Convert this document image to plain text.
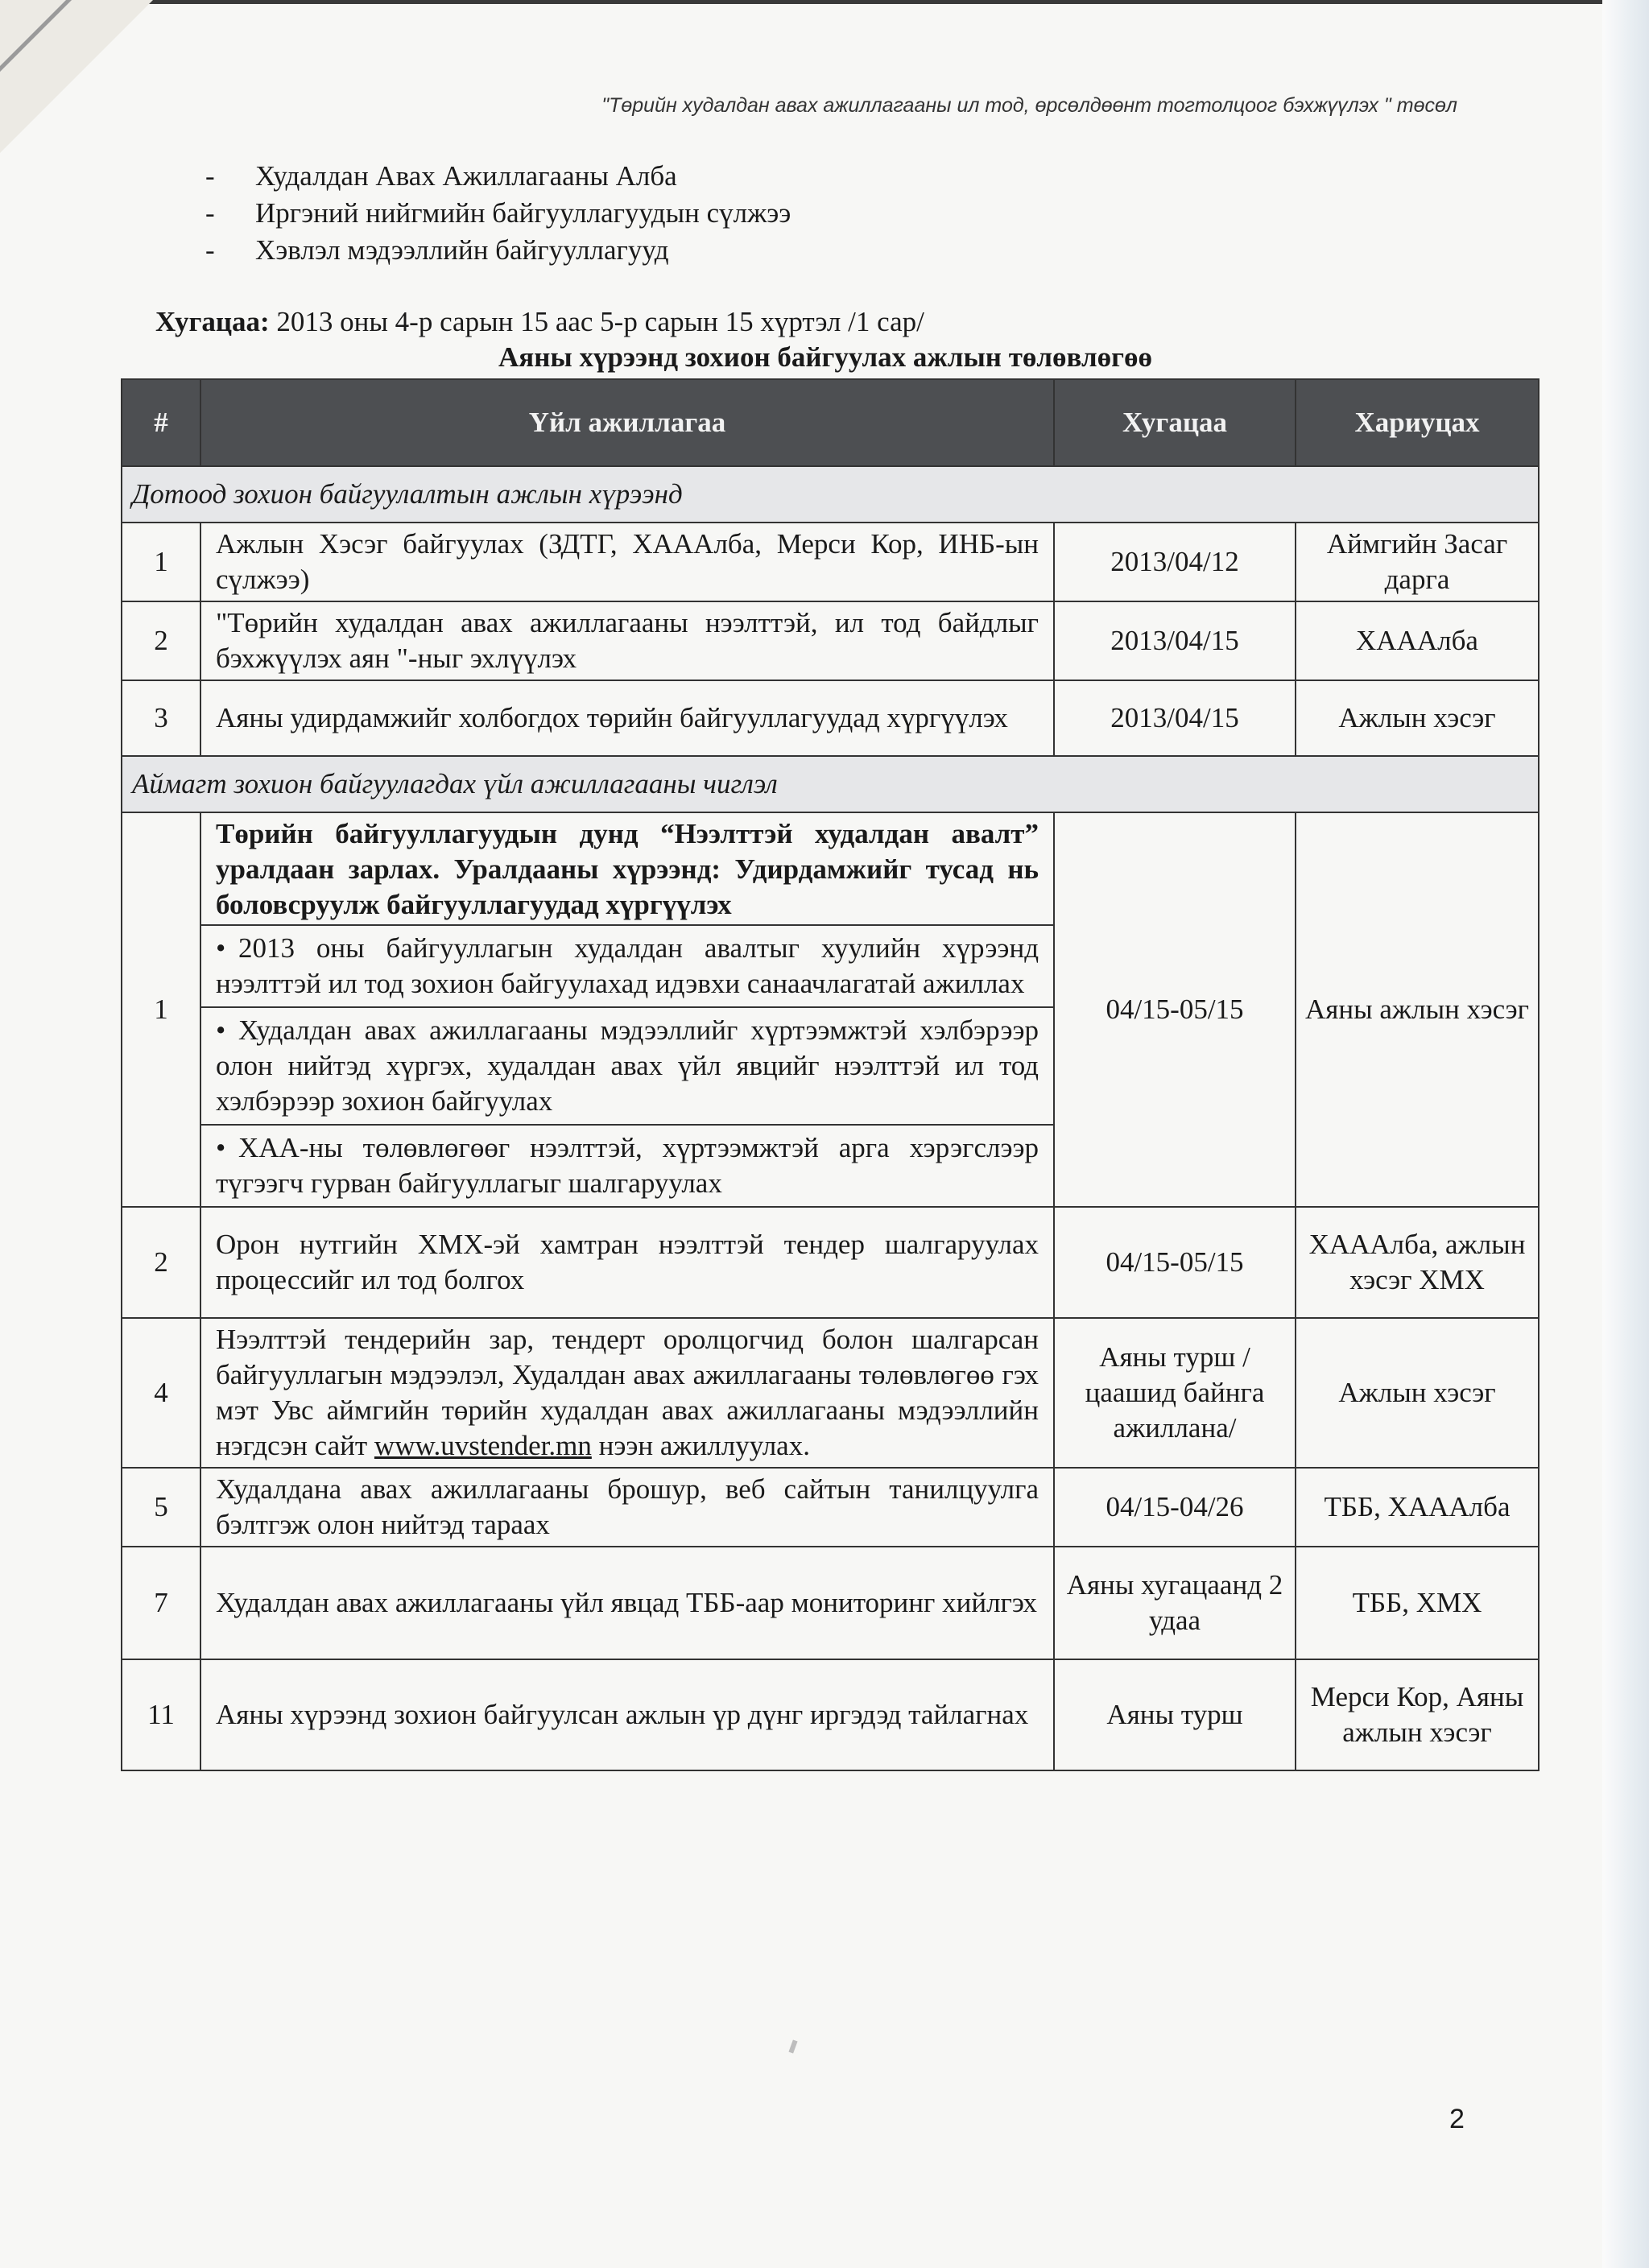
"Төрийн худалдан авах ажиллагааны ил тод, өрсөлдөөнт тогтолцоог бэхжүүлэх " төсөл
- Худалдан Авах Ажиллагааны Алба
- Иргэний нийгмийн байгууллагуудын сүлжээ
- Хэвлэл мэдээллийн байгууллагууд
Хугацаа: 2013 оны 4-р сарын 15 аас 5-р сарын 15 хүртэл /1 сар/
Аяны хүрээнд зохион байгуулах ажлын төлөвлөгөө
#	Үйл ажиллагаа	Хугацаа	Хариуцах
Дотоод зохион байгуулалтын ажлын хүрээнд			
1	Ажлын Хэсэг байгуулах (ЗДТГ, ХАААлба, Мерси Кор, ИНБ-ын сүлжээ)	2013/04/12	Аймгийн Засаг дарга
2	"Төрийн худалдан авах ажиллагааны нээлттэй, ил тод байдлыг бэхжүүлэх аян "-ныг эхлүүлэх	2013/04/15	ХАААлба
3	Аяны удирдамжийг холбогдох төрийн байгууллагуудад хүргүүлэх	2013/04/15	Ажлын хэсэг
Аймагт зохион байгуулагдах үйл ажиллагааны чиглэл			
1	Төрийн байгууллагуудын дунд “Нээлттэй худалдан авалт” уралдаан зарлах. Уралдааны хүрээнд: Удирдамжийг тусад нь боловсруулж байгууллагуудад хүргүүлэх
• 2013 оны байгууллагын худалдан авалтыг хуулийн хүрээнд нээлттэй ил тод зохион байгуулахад идэвхи санаачлагатай ажиллах
• Худалдан авах ажиллагааны мэдээллийг хүртээмжтэй хэлбэрээр олон нийтэд хүргэх, худалдан авах үйл явцийг нээлттэй ил тод хэлбэрээр зохион байгуулах
• ХАА-ны төлөвлөгөөг нээлттэй, хүртээмжтэй арга хэрэгслээр түгээгч гурван байгууллагыг шалгаруулах	04/15-05/15	Аяны ажлын хэсэг
2	Орон нутгийн ХМХ-эй хамтран нээлттэй тендер шалгаруулах процессийг ил тод болгох	04/15-05/15	ХАААлба, ажлын хэсэг ХМХ
4	Нээлттэй тендерийн зар, тендерт оролцогчид болон шалгарсан байгууллагын мэдээлэл, Худалдан авах ажиллагааны төлөвлөгөө гэх мэт Увс аймгийн төрийн худалдан авах ажиллагааны мэдээллийн нэгдсэн сайт www.uvstender.mn нээн ажиллуулах.	Аяны турш /цаашид байнга ажиллана/	Ажлын хэсэг
5	Худалдана авах ажиллагааны брошур, веб сайтын танилцуулга бэлтгэж олон нийтэд тараах	04/15-04/26	ТББ, ХАААлба
7	Худалдан авах ажиллагааны үйл явцад ТББ-аар мониторинг хийлгэх	Аяны хугацаанд 2 удаа	ТББ, ХМХ
11	Аяны хүрээнд зохион байгуулсан ажлын үр дүнг иргэдэд тайлагнах	Аяны турш	Мерси Кор, Аяны ажлын хэсэг
2
